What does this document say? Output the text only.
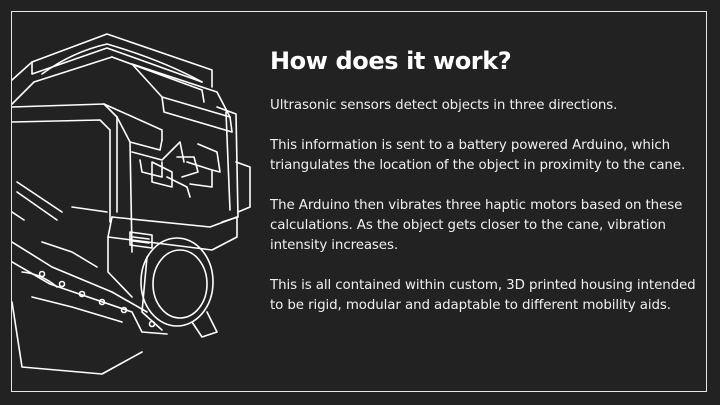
How does it work?

Ultrasonic sensors detect objects in three directions.

This information is sent to a battery powered Arduino, which triangulates the location of the object in proximity to the cane.

The Arduino then vibrates three haptic motors based on these calculations. As the object gets closer to the cane, vibration intensity increases.

This is all contained within custom, 3D printed housing intended to be rigid, modular and adaptable to different mobility aids.
